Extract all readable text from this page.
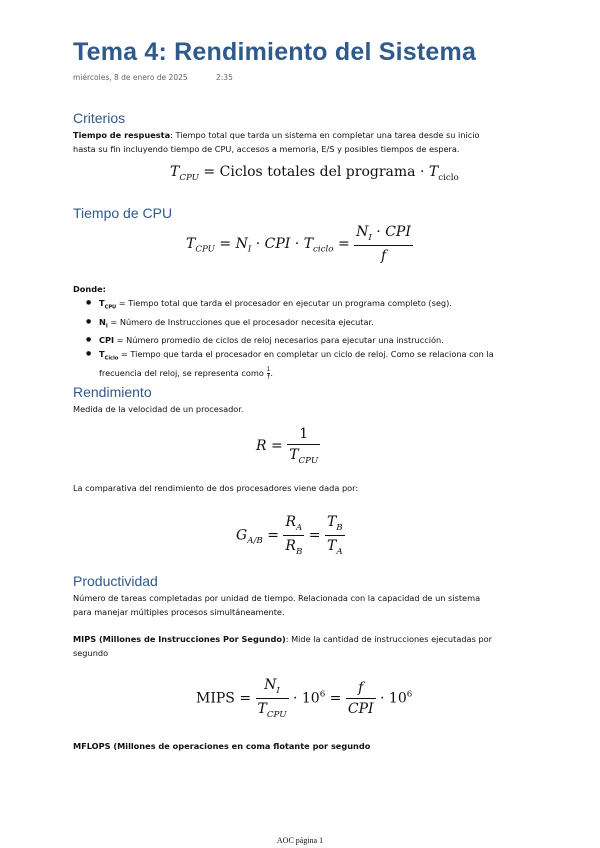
Tema 4: Rendimiento del Sistema
miércoles, 8 de enero de 2025	2:35
Criterios
Tiempo de respuesta: Tiempo total que tarda un sistema en completar una tarea desde su inicio
hasta su fin incluyendo tiempo de CPU, accesos a memoria, E/S y posibles tiempos de espera.
$T_{CPU}$ = Ciclos totales del programa · $T_{ciclo}$
Tiempo de CPU
$T_{CPU} = N_I$ · CPI · $T_{ciclo} = \frac{N_I \cdot CPI}{f}$
Donde:
● $T_{CPU}$ = Tiempo total que tarda el procesador en ejecutar un programa completo (seg).
● $N_I$ = Número de Instrucciones que el procesador necesita ejecutar.
● CPI = Número promedio de ciclos de reloj necesarios para ejecutar una instrucción.
● $T_{Ciclo}$ = Tiempo que tarda el procesador en completar un ciclo de reloj. Como se relaciona con la
frecuencia del reloj, se representa como $\frac{1}{f}$ .
Rendimiento
Medida de la velocidad de un procesador.
$R = \frac{1}{T_{CPU}}$
La comparativa del rendimiento de dos procesadores viene dada por:
$G_{A/B} = \frac{R_A}{R_B} = \frac{T_B}{T_A}$
Productividad
Número de tareas completadas por unidad de tiempo. Relacionada con la capacidad de un sistema
para manejar múltiples procesos simultáneamente.
MIPS (Millones de Instrucciones Por Segundo): Mide la cantidad de instrucciones ejecutadas por
segundo
MIPS = $\frac{N_I}{T_{CPU}} \cdot 10^6 = \frac{f}{\text{CPI}} \cdot 10^6$
MFLOPS (Millones de operaciones en coma flotante por segundo
AOC página 1
